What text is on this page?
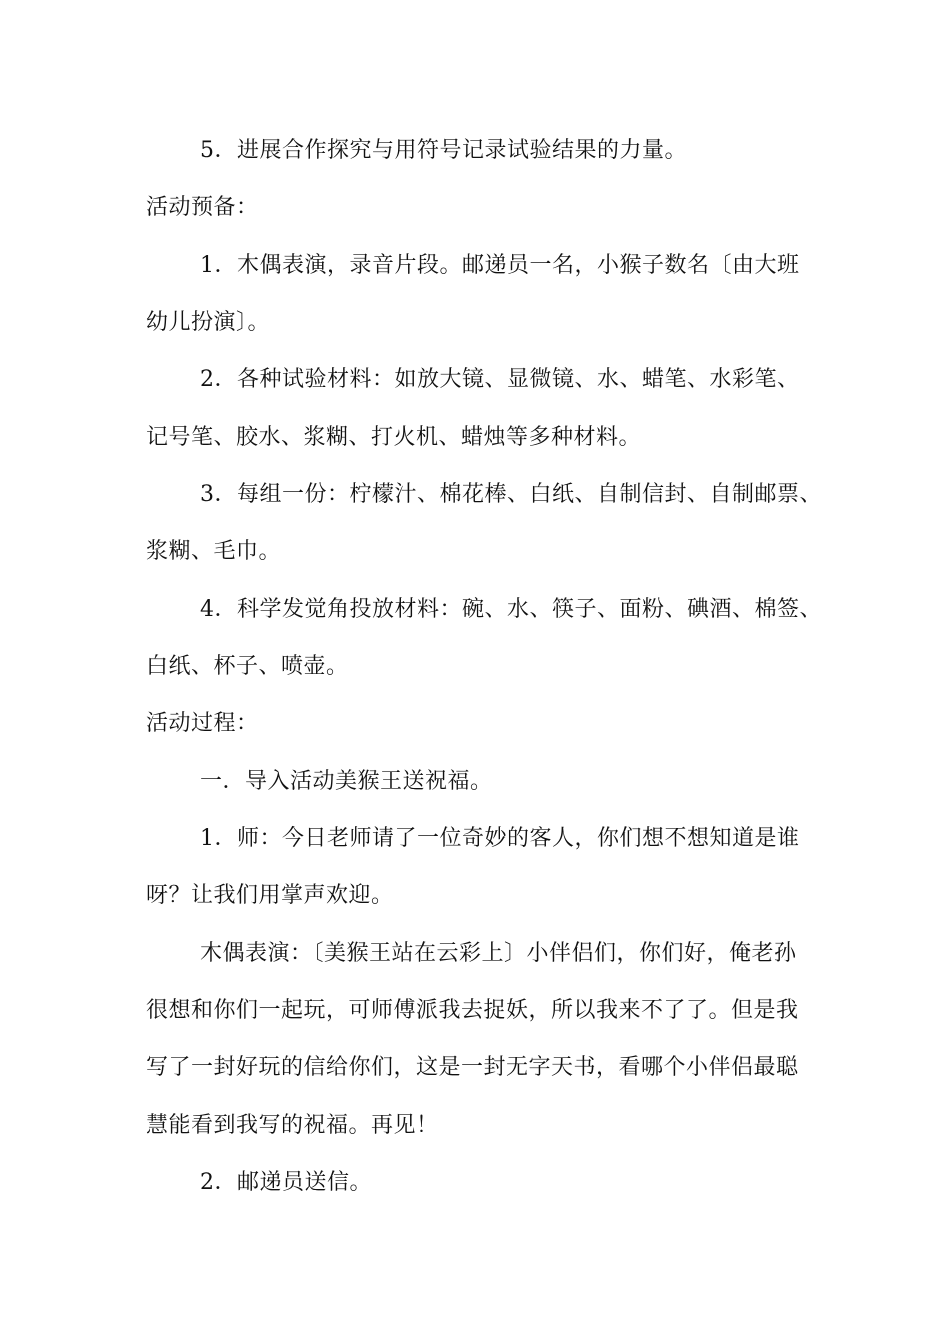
5．进展合作探究与用符号记录试验结果的力量。
活动预备：
1．木偶表演，录音片段。邮递员一名，小猴子数名〔由大班
幼儿扮演〕。
2．各种试验材料：如放大镜、显微镜、水、蜡笔、水彩笔、
记号笔、胶水、浆糊、打火机、蜡烛等多种材料。
3．每组一份：柠檬汁、棉花棒、白纸、自制信封、自制邮票、
浆糊、毛巾。
4．科学发觉角投放材料：碗、水、筷子、面粉、碘酒、棉签、
白纸、杯子、喷壶。
活动过程：
一．导入活动美猴王送祝福。
1．师：今日老师请了一位奇妙的客人，你们想不想知道是谁
呀？让我们用掌声欢迎。
木偶表演：〔美猴王站在云彩上〕小伴侣们，你们好，俺老孙
很想和你们一起玩，可师傅派我去捉妖，所以我来不了了。但是我
写了一封好玩的信给你们，这是一封无字天书，看哪个小伴侣最聪
慧能看到我写的祝福。再见！
2．邮递员送信。
